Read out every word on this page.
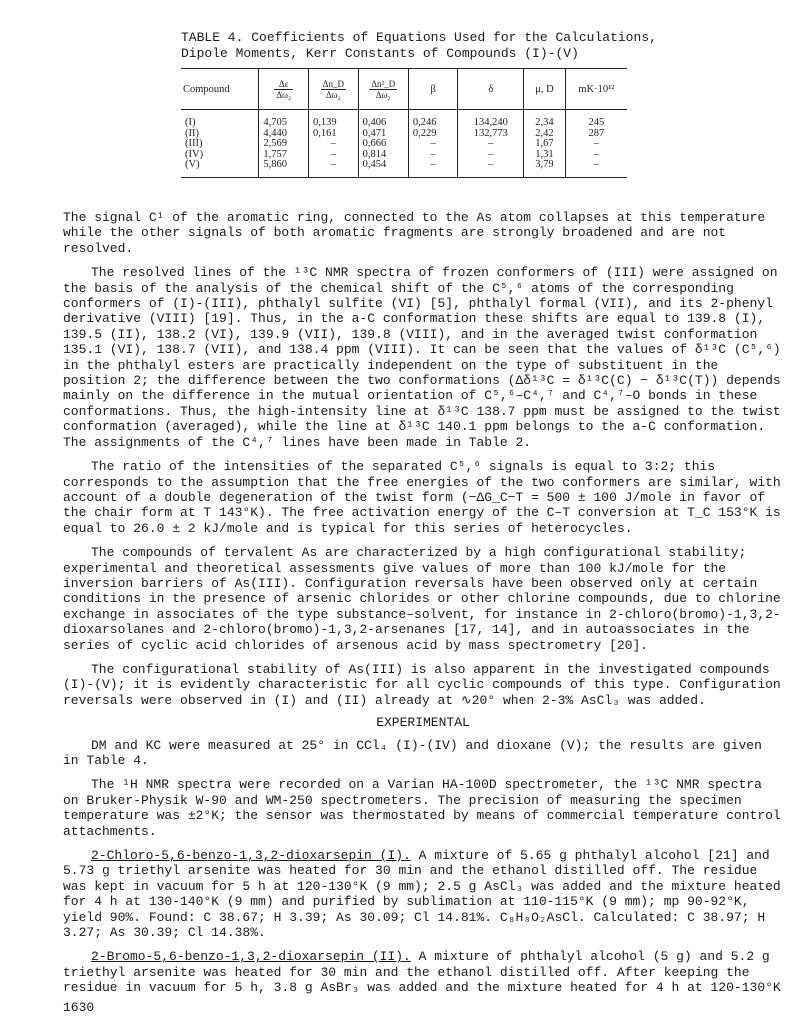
TABLE 4. Coefficients of Equations Used for the Calculations,
Dipole Moments, Kerr Constants of Compounds (I)-(V)
Compound	$\frac{\Delta\varepsilon}{\text{Δω₂}}$	$\frac{\Delta n\_D}{\text{Δω₂}}$	$\frac{\text{Δn²\_D}}{\text{Δω₂}}$	β	δ	μ, D	mK·10¹²
(I)	4,705	0,139	0,406	0,246	134,240	2,34	245
(II)	4,440	0,161	0,471	0,229	132,773	2,42	287
(III)	2,569	–	0,666	–	–	1,67	–
(IV)	1,757	–	0,814	–	–	1,31	–
(V)	5,860	–	0,454	–	–	3,79	–

The signal C¹ of the aromatic ring, connected to the As atom collapses at this temperature while the other signals of both aromatic fragments are strongly broadened and are not resolved.

The resolved lines of the ¹³C NMR spectra of frozen conformers of (III) were assigned on the basis of the analysis of the chemical shift of the C⁵,⁶ atoms of the corresponding conformers of (I)-(III), phthalyl sulfite (VI) [5], phthalyl formal (VII), and its 2-phenyl derivative (VIII) [19]. Thus, in the a-C conformation these shifts are equal to 139.8 (I), 139.5 (II), 138.2 (VI), 139.9 (VII), 139.8 (VIII), and in the averaged twist conformation 135.1 (VI), 138.7 (VII), and 138.4 ppm (VIII). It can be seen that the values of δ¹³C (C⁵,⁶) in the phthalyl esters are practically independent on the type of substituent in the position 2; the difference between the two conformations (Δδ¹³C = δ¹³C(C) − δ¹³C(T)) depends mainly on the difference in the mutual orientation of C⁵,⁶–C⁴,⁷ and C⁴,⁷–O bonds in these conformations. Thus, the high-intensity line at δ¹³C 138.7 ppm must be assigned to the twist conformation (averaged), while the line at δ¹³C 140.1 ppm belongs to the a-C conformation. The assignments of the C⁴,⁷ lines have been made in Table 2.

The ratio of the intensities of the separated C⁵,⁶ signals is equal to 3:2; this corresponds to the assumption that the free energies of the two conformers are similar, with account of a double degeneration of the twist form (−ΔG_C−T = 500 ± 100 J/mole in favor of the chair form at T 143°K). The free activation energy of the C–T conversion at T_C 153°K is equal to 26.0 ± 2 kJ/mole and is typical for this series of heterocycles.

The compounds of tervalent As are characterized by a high configurational stability; experimental and theoretical assessments give values of more than 100 kJ/mole for the inversion barriers of As(III). Configuration reversals have been observed only at certain conditions in the presence of arsenic chlorides or other chlorine compounds, due to chlorine exchange in associates of the type substance–solvent, for instance in 2-chloro(bromo)-1,3,2-dioxarsolanes and 2-chloro(bromo)-1,3,2-arsenanes [17, 14], and in autoassociates in the series of cyclic acid chlorides of arsenous acid by mass spectrometry [20].

The configurational stability of As(III) is also apparent in the investigated compounds (I)-(V); it is evidently characteristic for all cyclic compounds of this type. Configuration reversals were observed in (I) and (II) already at ∿20° when 2-3% AsCl₃ was added.

EXPERIMENTAL

DM and KC were measured at 25° in CCl₄ (I)-(IV) and dioxane (V); the results are given in Table 4.

The ¹H NMR spectra were recorded on a Varian HA-100D spectrometer, the ¹³C NMR spectra on Bruker-Physik W-90 and WM-250 spectrometers. The precision of measuring the specimen temperature was ±2°K; the sensor was thermostated by means of commercial temperature control attachments.

2-Chloro-5,6-benzo-1,3,2-dioxarsepin (I). A mixture of 5.65 g phthalyl alcohol [21] and 5.73 g triethyl arsenite was heated for 30 min and the ethanol distilled off. The residue was kept in vacuum for 5 h at 120-130°K (9 mm); 2.5 g AsCl₃ was added and the mixture heated for 4 h at 130-140°K (9 mm) and purified by sublimation at 110-115°K (9 mm); mp 90-92°K, yield 90%. Found: C 38.67; H 3.39; As 30.09; Cl 14.81%. C₈H₈O₂AsCl. Calculated: C 38.97; H 3.27; As 30.39; Cl 14.38%.

2-Bromo-5,6-benzo-1,3,2-dioxarsepin (II). A mixture of phthalyl alcohol (5 g) and 5.2 g triethyl arsenite was heated for 30 min and the ethanol distilled off. After keeping the residue in vacuum for 5 h, 3.8 g AsBr₃ was added and the mixture heated for 4 h at 120-130°K

1630
